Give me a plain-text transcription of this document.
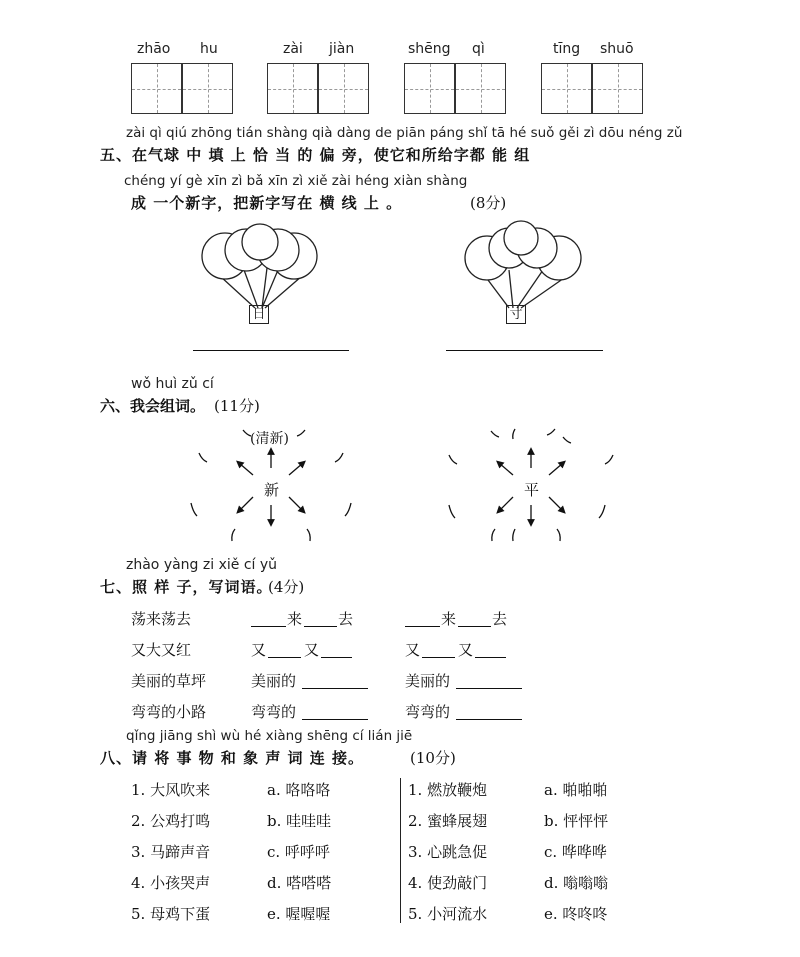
zhāo hu	zài jiàn	shēng qì	tīng shuō
zài qì qiú zhōng tián shàng qià dàng de piān páng shǐ tā hé suǒ gěi zì dōu néng zǔ
五、在气球 中 填 上 恰 当 的 偏 旁，使它和所给字都 能 组
chéng yí gè xīn zì bǎ xīn zì xiě zài héng xiàn shàng
成 一个新字，把新字写在 横 线 上 。	(8分)
日	寸
wǒ huì zǔ cí
六、我会组词。 (11分)
(清新)
新	平
zhào yàng zi xiě cí yǔ
七、照 样 子，写词语。
(4分)
荡来荡去	来 去	来 去
又大又红	又	又	又	又
美丽的草坪	美丽的	美丽的
弯弯的小路	弯弯的	弯弯的
qǐng jiāng shì wù hé xiàng shēng cí lián jiē
八、请 将 事 物 和 象 声 词 连 接。	(10分)
1. 大风吹来	a. 咯咯咯
2. 公鸡打鸣	b. 哇哇哇
3. 马蹄声音	c. 呼呼呼
4. 小孩哭声	d. 嗒嗒嗒
5. 母鸡下蛋	e. 喔喔喔
1. 燃放鞭炮	a. 啪啪啪
2. 蜜蜂展翅	b. 怦怦怦
3. 心跳急促	c. 哗哗哗
4. 使劲敲门	d. 嗡嗡嗡
5. 小河流水	e. 咚咚咚
